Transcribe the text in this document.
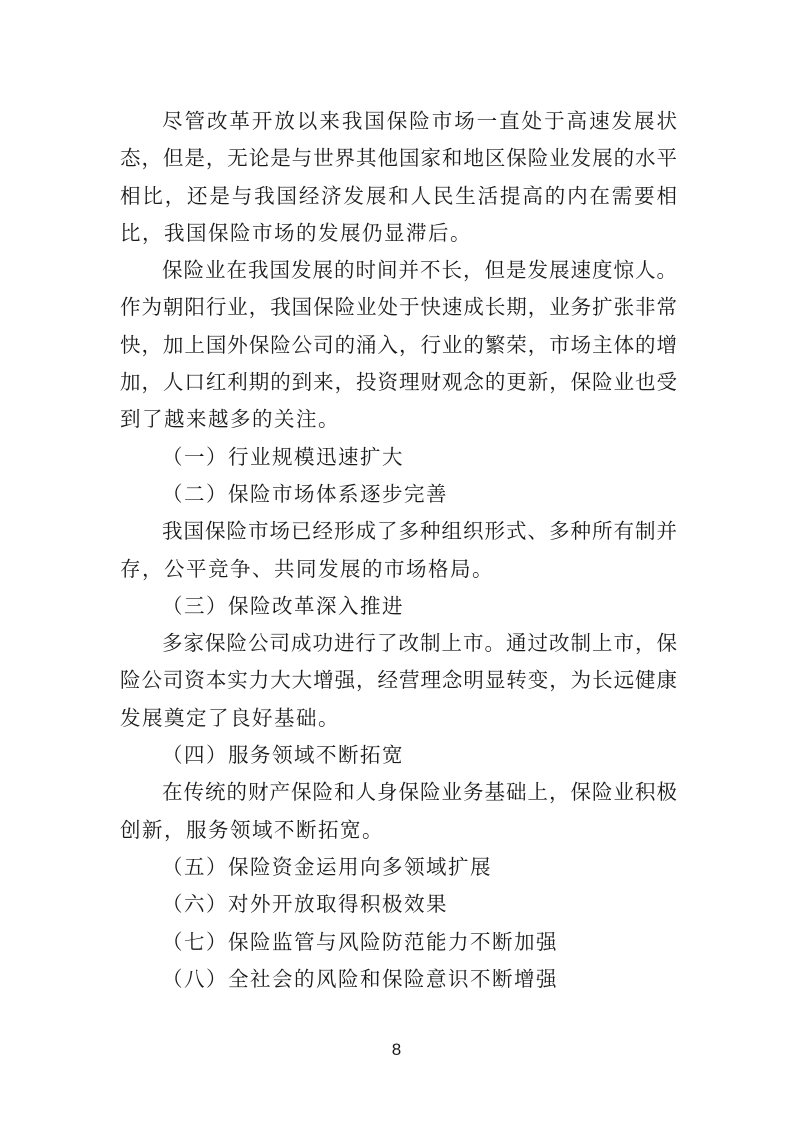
尽管改革开放以来我国保险市场一直处于高速发展状
态，但是，无论是与世界其他国家和地区保险业发展的水平
相比，还是与我国经济发展和人民生活提高的内在需要相
比，我国保险市场的发展仍显滞后。
保险业在我国发展的时间并不长，但是发展速度惊人。
作为朝阳行业，我国保险业处于快速成长期，业务扩张非常
快，加上国外保险公司的涌入，行业的繁荣，市场主体的增
加，人口红利期的到来，投资理财观念的更新，保险业也受
到了越来越多的关注。
（一）行业规模迅速扩大
（二）保险市场体系逐步完善
我国保险市场已经形成了多种组织形式、多种所有制并
存，公平竞争、共同发展的市场格局。
（三）保险改革深入推进
多家保险公司成功进行了改制上市。通过改制上市，保
险公司资本实力大大增强，经营理念明显转变，为长远健康
发展奠定了良好基础。
（四）服务领域不断拓宽
在传统的财产保险和人身保险业务基础上，保险业积极
创新，服务领域不断拓宽。
（五）保险资金运用向多领域扩展
（六）对外开放取得积极效果
（七）保险监管与风险防范能力不断加强
（八）全社会的风险和保险意识不断增强
8
